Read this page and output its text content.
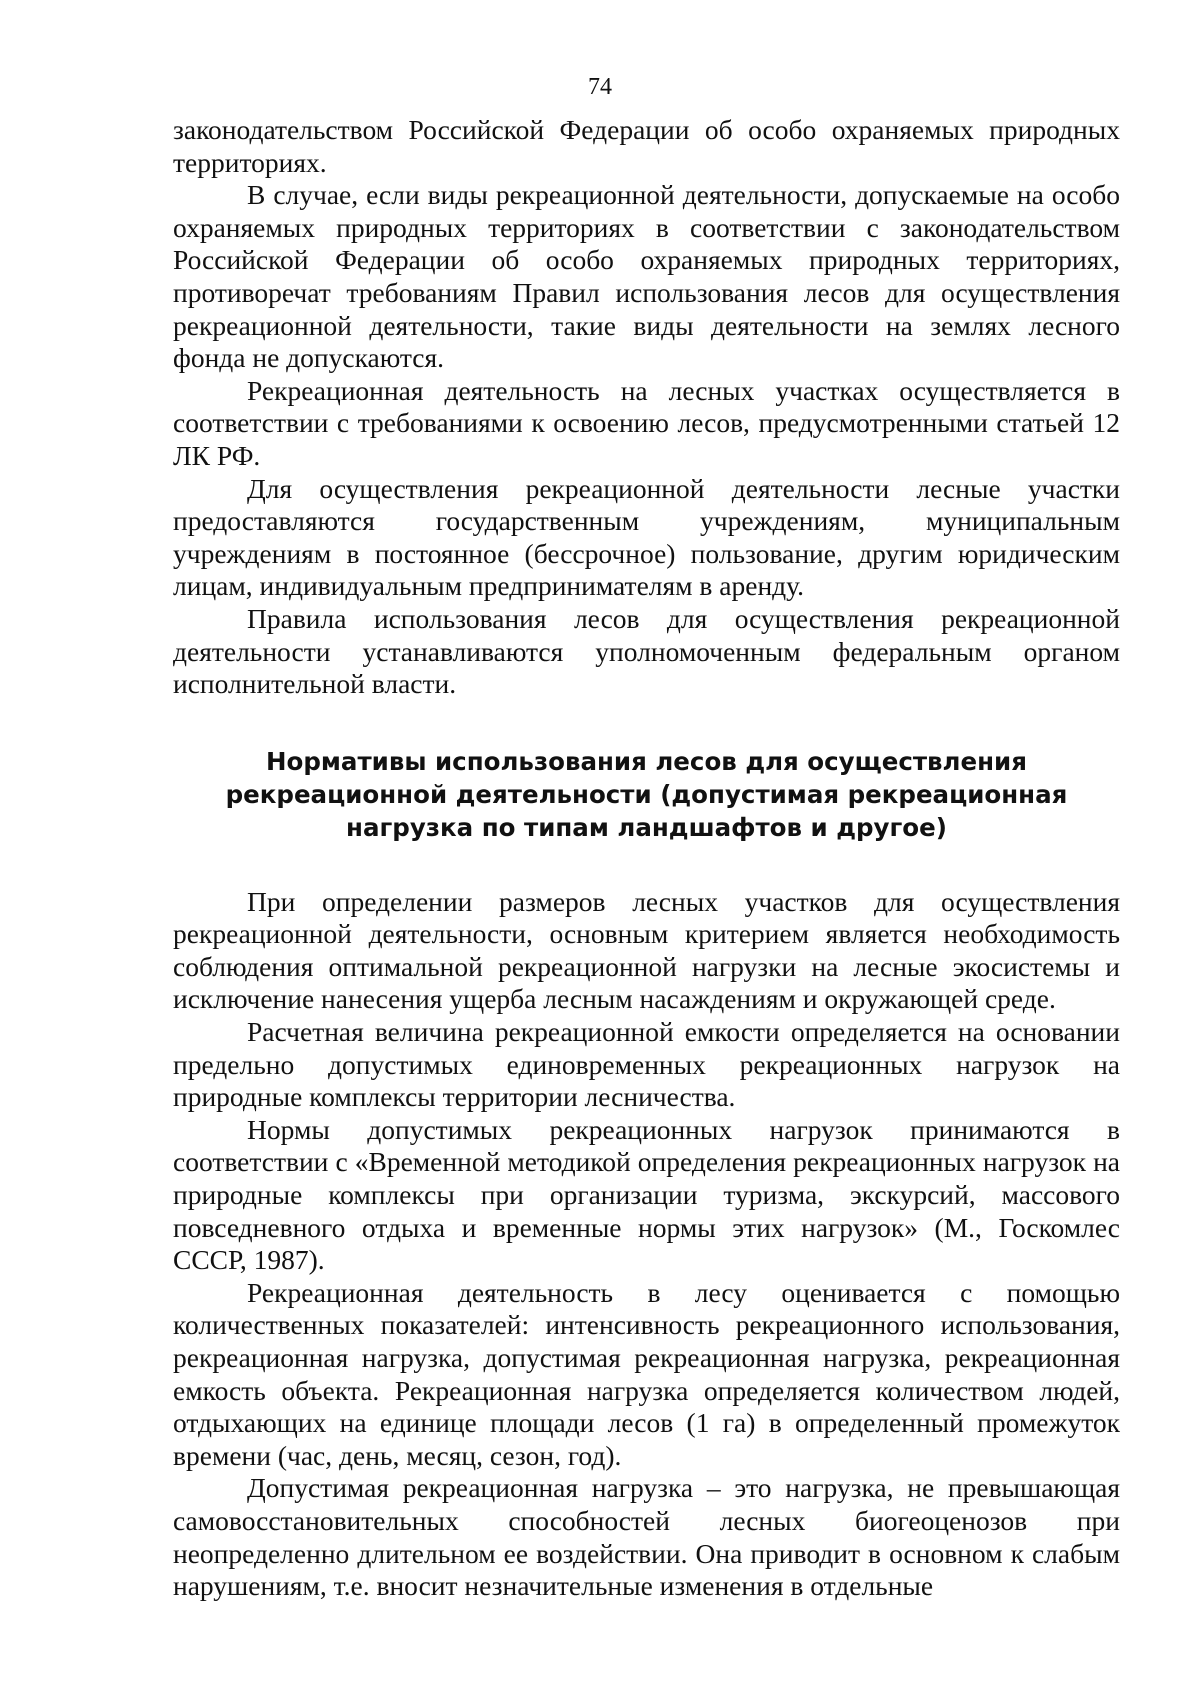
74

законодательством Российской Федерации об особо охраняемых природных территориях.

В случае, если виды рекреационной деятельности, допускаемые на особо охраняемых природных территориях в соответствии с законодательством Российской Федерации об особо охраняемых природных территориях, противоречат требованиям Правил использования лесов для осуществления рекреационной деятельности, такие виды деятельности на землях лесного фонда не допускаются.

Рекреационная деятельность на лесных участках осуществляется в соответствии с требованиями к освоению лесов, предусмотренными статьей 12 ЛК РФ.

Для осуществления рекреационной деятельности лесные участки предоставляются государственным учреждениям, муниципальным учреждениям в постоянное (бессрочное) пользование, другим юридическим лицам, индивидуальным предпринимателям в аренду.

Правила использования лесов для осуществления рекреационной деятельности устанавливаются уполномоченным федеральным органом исполнительной власти.

Нормативы использования лесов для осуществления
рекреационной деятельности (допустимая рекреационная
нагрузка по типам ландшафтов и другое)

При определении размеров лесных участков для осуществления рекреационной деятельности, основным критерием является необходимость соблюдения оптимальной рекреационной нагрузки на лесные экосистемы и исключение нанесения ущерба лесным насаждениям и окружающей среде.

Расчетная величина рекреационной емкости определяется на основании предельно допустимых единовременных рекреационных нагрузок на природные комплексы территории лесничества.

Нормы допустимых рекреационных нагрузок принимаются в соответствии с «Временной методикой определения рекреационных нагрузок на природные комплексы при организации туризма, экскурсий, массового повседневного отдыха и временные нормы этих нагрузок» (М., Госкомлес СССР, 1987).

Рекреационная деятельность в лесу оценивается с помощью количественных показателей: интенсивность рекреационного использования, рекреационная нагрузка, допустимая рекреационная нагрузка, рекреационная емкость объекта. Рекреационная нагрузка определяется количеством людей, отдыхающих на единице площади лесов (1 га) в определенный промежуток времени (час, день, месяц, сезон, год).

Допустимая рекреационная нагрузка – это нагрузка, не превышающая самовосстановительных способностей лесных биогеоценозов при неопределенно длительном ее воздействии. Она приводит в основном к слабым нарушениям, т.е. вносит незначительные изменения в отдельные
